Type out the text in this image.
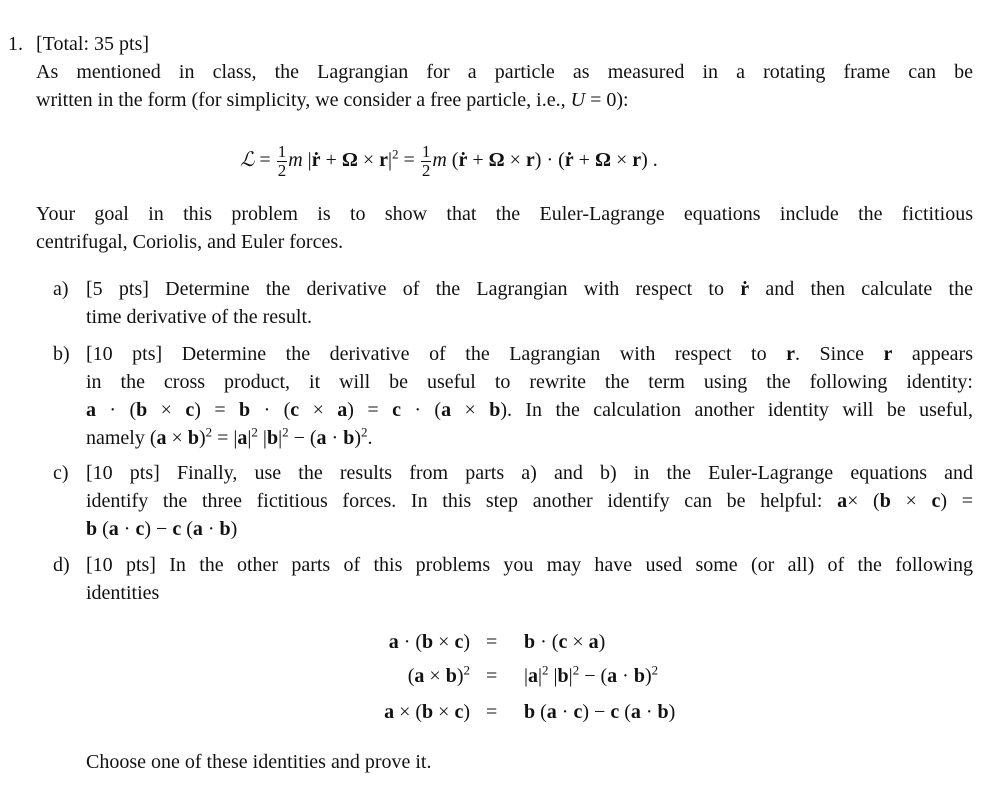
1. [Total: 35 pts]
As mentioned in class, the Lagrangian for a particle as measured in a rotating frame can be
written in the form (for simplicity, we consider a free particle, i.e., U = 0):
ℒ = $\frac{1}{2}$ m |ṙ + $\Omega \times r|^2 = \frac{1}{2}$ m (ṙ + Ω × r) · (ṙ + Ω × r) .
Your goal in this problem is to show that the Euler-Lagrange equations include the fictitious
centrifugal, Coriolis, and Euler forces.
a) [5 pts] Determine the derivative of the Lagrangian with respect to ṙ and then calculate the
time derivative of the result.
b) [10 pts] Determine the derivative of the Lagrangian with respect to r. Since r appears
in the cross product, it will be useful to rewrite the term using the following identity:
a · (b × c) = b · (c × a) = c · (a × b). In the calculation another identity will be useful,
namely $(a \times b)^2 = |a|^2$ $|b|^2 - (a \cdot b)^2$.
c) [10 pts] Finally, use the results from parts a) and b) in the Euler-Lagrange equations and
identify the three fictitious forces. In this step another identify can be helpful: a× (b × c) =
b (a · c) − c (a · b)
d) [10 pts] In the other parts of this problems you may have used some (or all) of the following
identities
a · (b × c) = b · (c × a)
$(a \times b)^2 = |a|^2$ $|b|^2 - (a \cdot b)^2$
a × (b × c) = b (a · c) − c (a · b)
Choose one of these identities and prove it.
